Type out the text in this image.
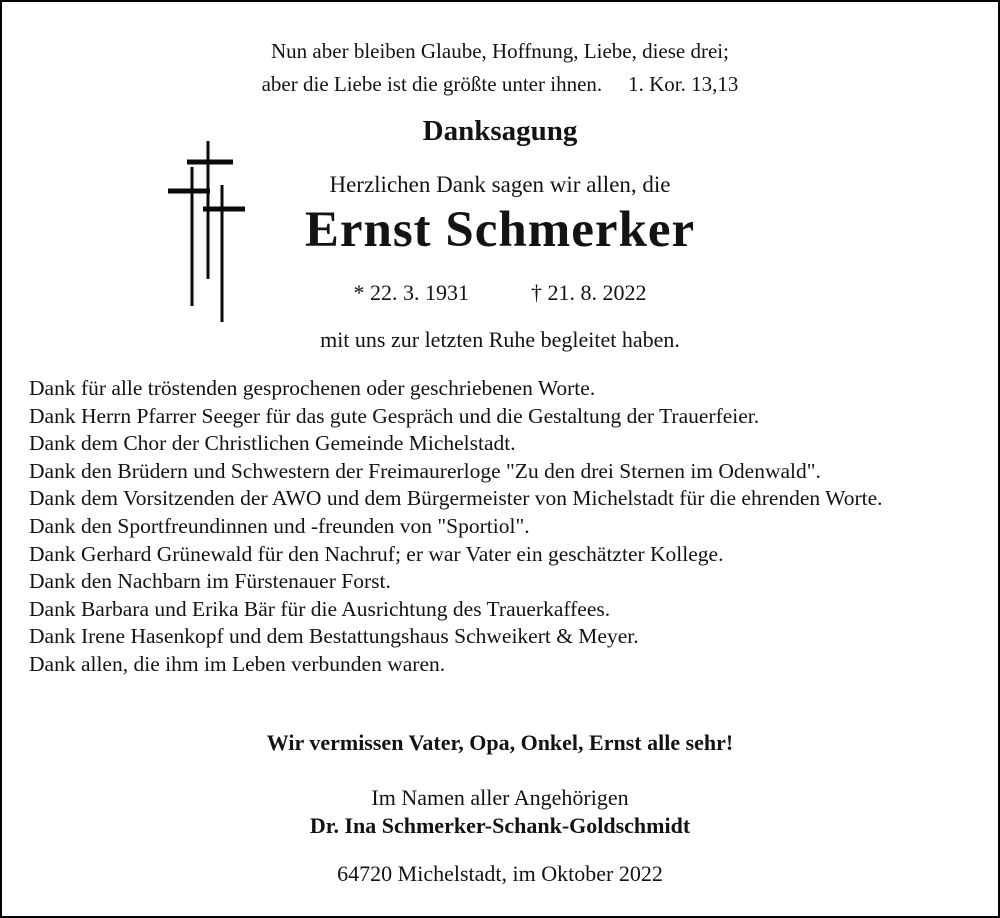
Nun aber bleiben Glaube, Hoffnung, Liebe, diese drei;
aber die Liebe ist die größte unter ihnen. 1. Kor. 13,13
Danksagung
Herzlichen Dank sagen wir allen, die
Ernst Schmerker
* 22. 3. 1931	† 21. 8. 2022
mit uns zur letzten Ruhe begleitet haben.
Dank für alle tröstenden gesprochenen oder geschriebenen Worte.
Dank Herrn Pfarrer Seeger für das gute Gespräch und die Gestaltung der Trauerfeier.
Dank dem Chor der Christlichen Gemeinde Michelstadt.
Dank den Brüdern und Schwestern der Freimaurerloge "Zu den drei Sternen im Odenwald".
Dank dem Vorsitzenden der AWO und dem Bürgermeister von Michelstadt für die ehrenden Worte.
Dank den Sportfreundinnen und -freunden von "Sportiol".
Dank Gerhard Grünewald für den Nachruf; er war Vater ein geschätzter Kollege.
Dank den Nachbarn im Fürstenauer Forst.
Dank Barbara und Erika Bär für die Ausrichtung des Trauerkaffees.
Dank Irene Hasenkopf und dem Bestattungshaus Schweikert & Meyer.
Dank allen, die ihm im Leben verbunden waren.
Wir vermissen Vater, Opa, Onkel, Ernst alle sehr!
Im Namen aller Angehörigen
Dr. Ina Schmerker-Schank-Goldschmidt
64720 Michelstadt, im Oktober 2022
